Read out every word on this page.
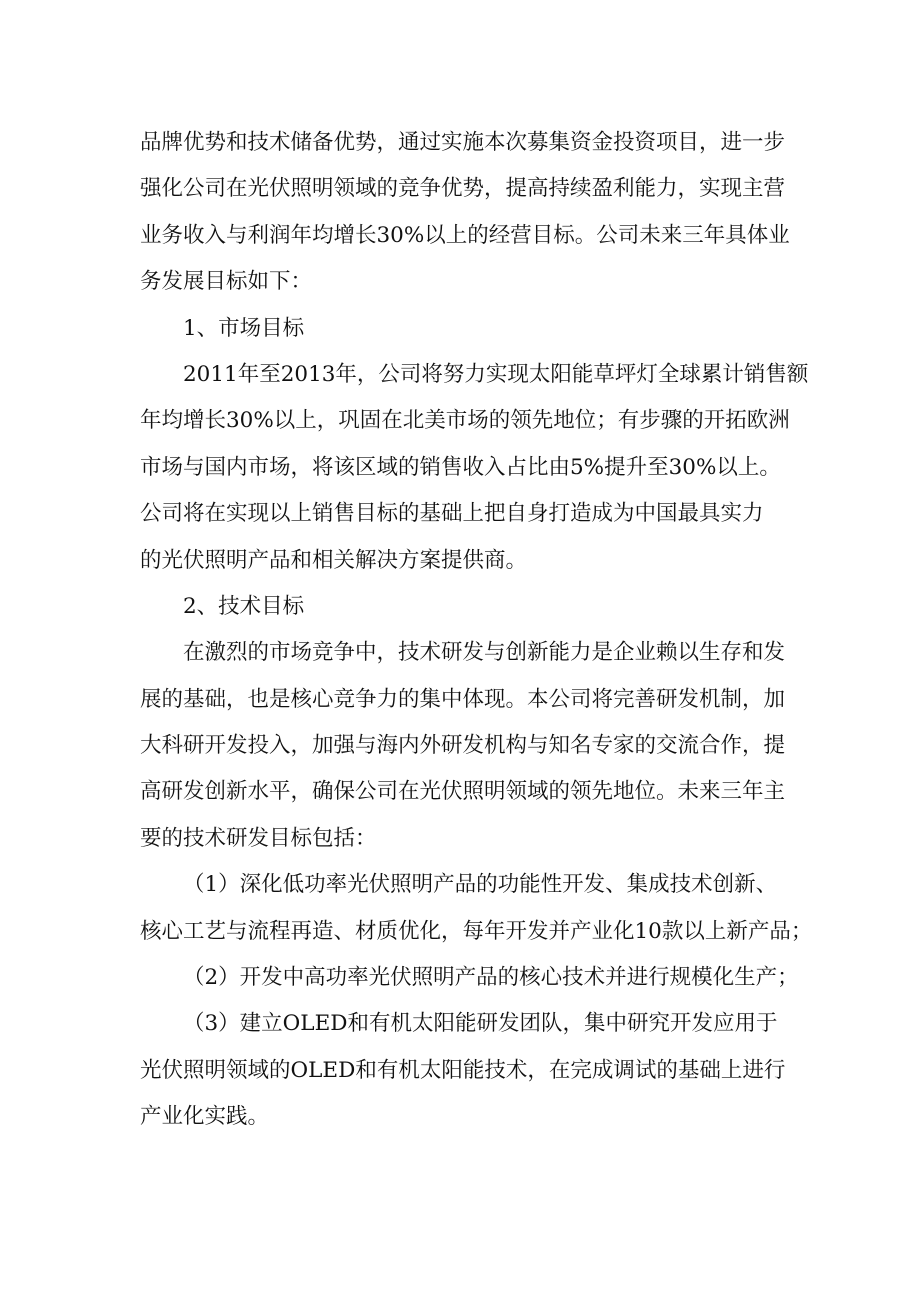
品牌优势和技术储备优势，通过实施本次募集资金投资项目，进一步

强化公司在光伏照明领域的竞争优势，提高持续盈利能力，实现主营

业务收入与利润年均增长30%以上的经营目标。公司未来三年具体业

务发展目标如下：

1、市场目标

2011年至2013年，公司将努力实现太阳能草坪灯全球累计销售额

年均增长30%以上，巩固在北美市场的领先地位；有步骤的开拓欧洲

市场与国内市场，将该区域的销售收入占比由5%提升至30%以上。

公司将在实现以上销售目标的基础上把自身打造成为中国最具实力

的光伏照明产品和相关解决方案提供商。

2、技术目标

在激烈的市场竞争中，技术研发与创新能力是企业赖以生存和发

展的基础，也是核心竞争力的集中体现。本公司将完善研发机制，加

大科研开发投入，加强与海内外研发机构与知名专家的交流合作，提

高研发创新水平，确保公司在光伏照明领域的领先地位。未来三年主

要的技术研发目标包括：

（1）深化低功率光伏照明产品的功能性开发、集成技术创新、

核心工艺与流程再造、材质优化，每年开发并产业化10款以上新产品；

（2）开发中高功率光伏照明产品的核心技术并进行规模化生产；

（3）建立OLED和有机太阳能研发团队，集中研究开发应用于

光伏照明领域的OLED和有机太阳能技术，在完成调试的基础上进行

产业化实践。
